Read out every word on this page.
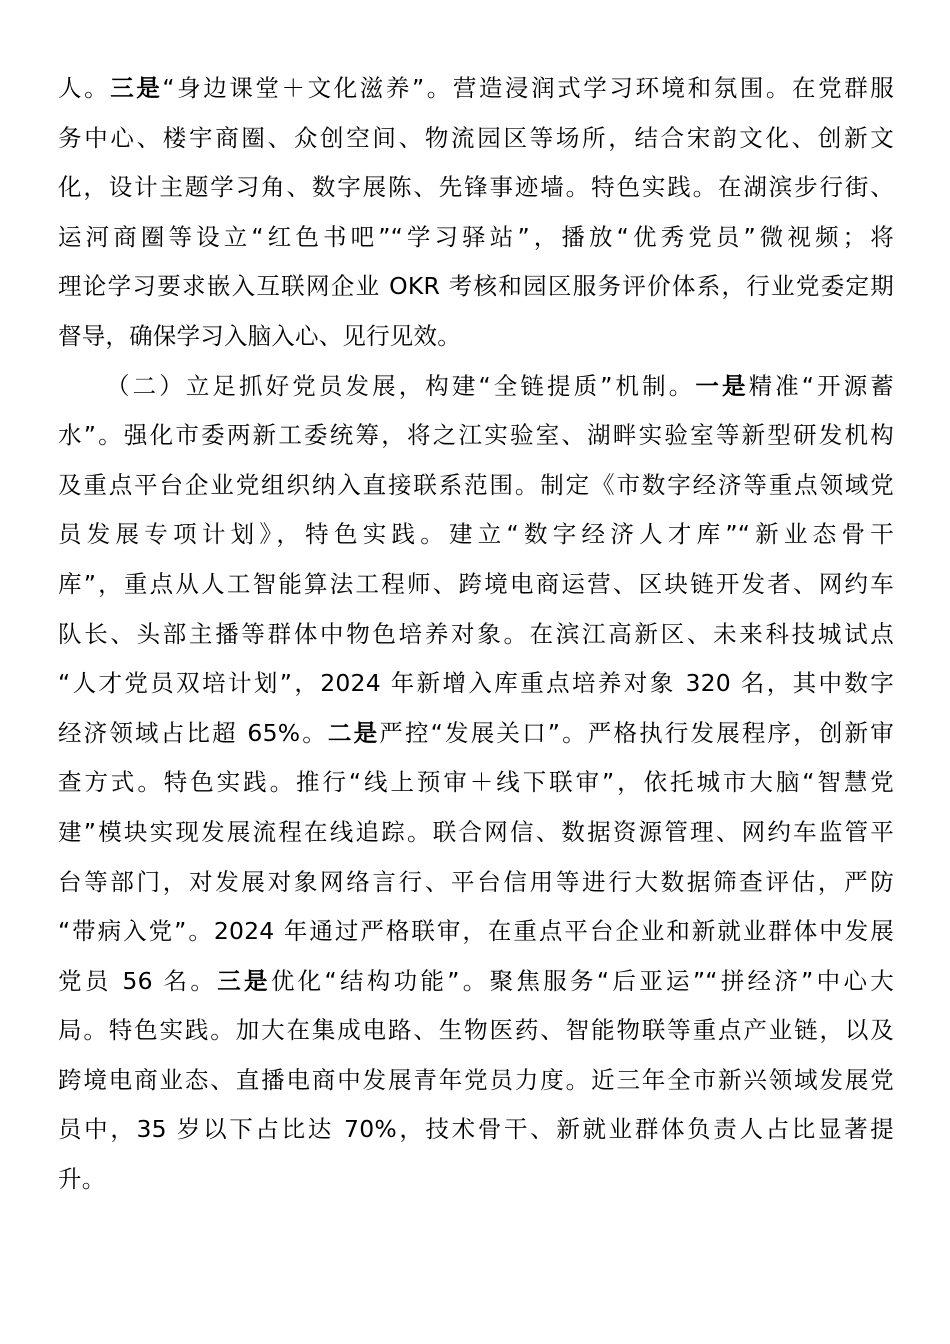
人。三是“身边课堂＋文化滋养”。营造浸润式学习环境和氛围。在党群服
务中心、楼宇商圈、众创空间、物流园区等场所，结合宋韵文化、创新文
化，设计主题学习角、数字展陈、先锋事迹墙。特色实践。在湖滨步行街、
运河商圈等设立“红色书吧”“学习驿站”，播放“优秀党员”微视频；将
理论学习要求嵌入互联网企业 OKR 考核和园区服务评价体系，行业党委定期
督导，确保学习入脑入心、见行见效。
（二）立足抓好党员发展，构建“全链提质”机制。一是精准“开源蓄
水”。强化市委两新工委统筹，将之江实验室、湖畔实验室等新型研发机构
及重点平台企业党组织纳入直接联系范围。制定《市数字经济等重点领域党
员发展专项计划》，特色实践。建立“数字经济人才库”“新业态骨干
库”，重点从人工智能算法工程师、跨境电商运营、区块链开发者、网约车
队长、头部主播等群体中物色培养对象。在滨江高新区、未来科技城试点
“人才党员双培计划”，2024 年新增入库重点培养对象 320 名，其中数字
经济领域占比超 65%。二是严控“发展关口”。严格执行发展程序，创新审
查方式。特色实践。推行“线上预审＋线下联审”，依托城市大脑“智慧党
建”模块实现发展流程在线追踪。联合网信、数据资源管理、网约车监管平
台等部门，对发展对象网络言行、平台信用等进行大数据筛查评估，严防
“带病入党”。2024 年通过严格联审，在重点平台企业和新就业群体中发展
党员 56 名。三是优化“结构功能”。聚焦服务“后亚运”“拼经济”中心大
局。特色实践。加大在集成电路、生物医药、智能物联等重点产业链，以及
跨境电商业态、直播电商中发展青年党员力度。近三年全市新兴领域发展党
员中，35 岁以下占比达 70%，技术骨干、新就业群体负责人占比显著提
升。
